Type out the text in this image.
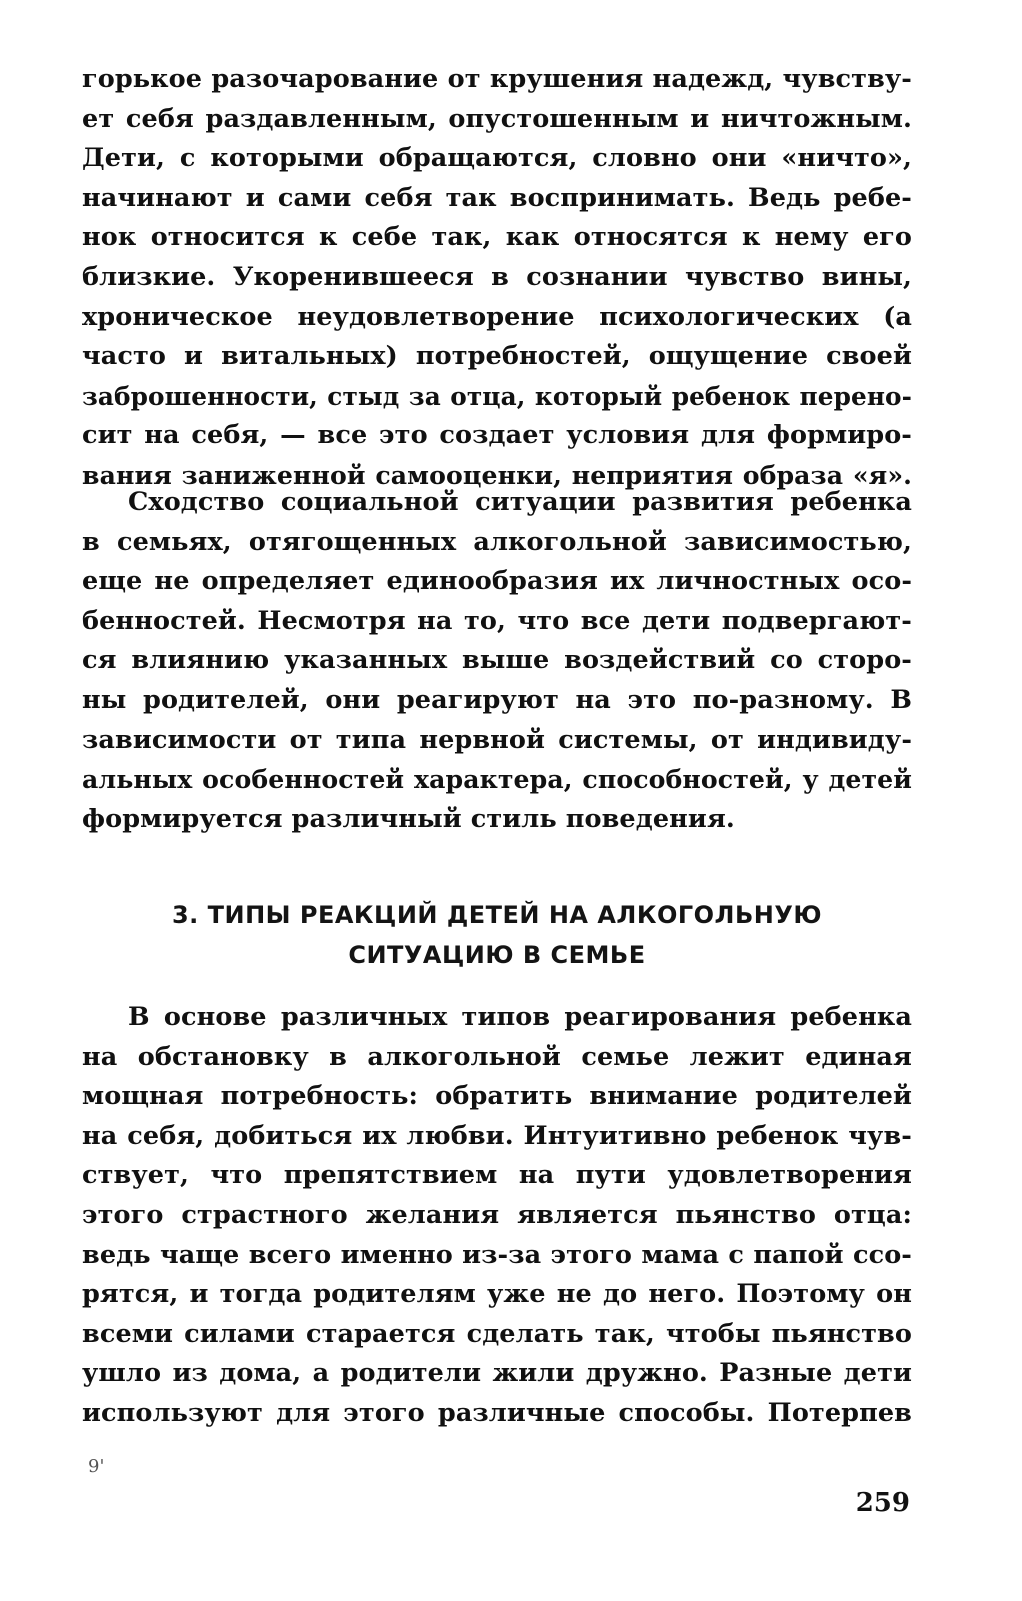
горькое разочарование от крушения надежд, чувству-
ет себя раздавленным, опустошенным и ничтожным.
Дети, с которыми обращаются, словно они «ничто»,
начинают и сами себя так воспринимать. Ведь ребе-
нок относится к себе так, как относятся к нему его
близкие. Укоренившееся в сознании чувство вины,
хроническое неудовлетворение психологических (а
часто и витальных) потребностей, ощущение своей
заброшенности, стыд за отца, который ребенок перено-
сит на себя, — все это создает условия для формиро-
вания заниженной самооценки, неприятия образа «я».
Сходство социальной ситуации развития ребенка
в семьях, отягощенных алкогольной зависимостью,
еще не определяет единообразия их личностных осо-
бенностей. Несмотря на то, что все дети подвергают-
ся влиянию указанных выше воздействий со сторо-
ны родителей, они реагируют на это по-разному. В
зависимости от типа нервной системы, от индивиду-
альных особенностей характера, способностей, у детей
формируется различный стиль поведения.
3. ТИПЫ РЕАКЦИЙ ДЕТЕЙ НА АЛКОГОЛЬНУЮ
СИТУАЦИЮ В СЕМЬЕ
В основе различных типов реагирования ребенка
на обстановку в алкогольной семье лежит единая
мощная потребность: обратить внимание родителей
на себя, добиться их любви. Интуитивно ребенок чув-
ствует, что препятствием на пути удовлетворения
этого страстного желания является пьянство отца:
ведь чаще всего именно из-за этого мама с папой ссо-
рятся, и тогда родителям уже не до него. Поэтому он
всеми силами старается сделать так, чтобы пьянство
ушло из дома, а родители жили дружно. Разные дети
используют для этого различные способы. Потерпев
9'
259
